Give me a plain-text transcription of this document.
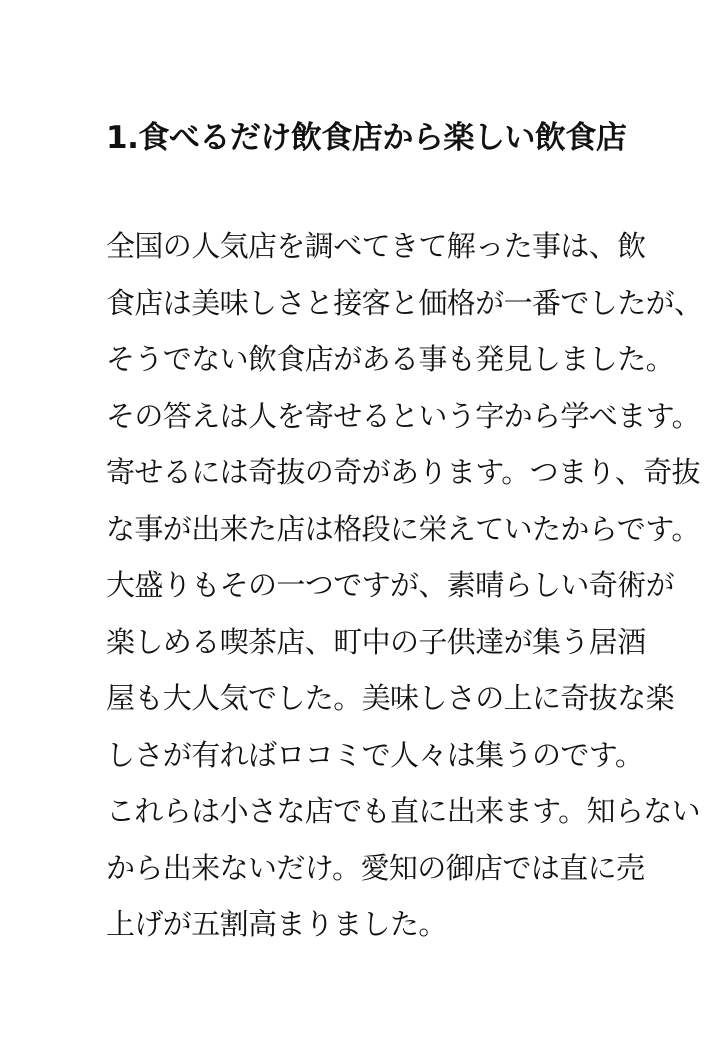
1.食べるだけ飲食店から楽しい飲食店
全国の人気店を調べてきて解った事は、飲
食店は美味しさと接客と価格が一番でしたが、
そうでない飲食店がある事も発見しました。
その答えは人を寄せるという字から学べます。
寄せるには奇抜の奇があります。つまり、奇抜
な事が出来た店は格段に栄えていたからです。
大盛りもその一つですが、素晴らしい奇術が
楽しめる喫茶店、町中の子供達が集う居酒
屋も大人気でした。美味しさの上に奇抜な楽
しさが有ればロコミで人々は集うのです。
これらは小さな店でも直に出来ます。知らない
から出来ないだけ。愛知の御店では直に売
上げが五割高まりました。
